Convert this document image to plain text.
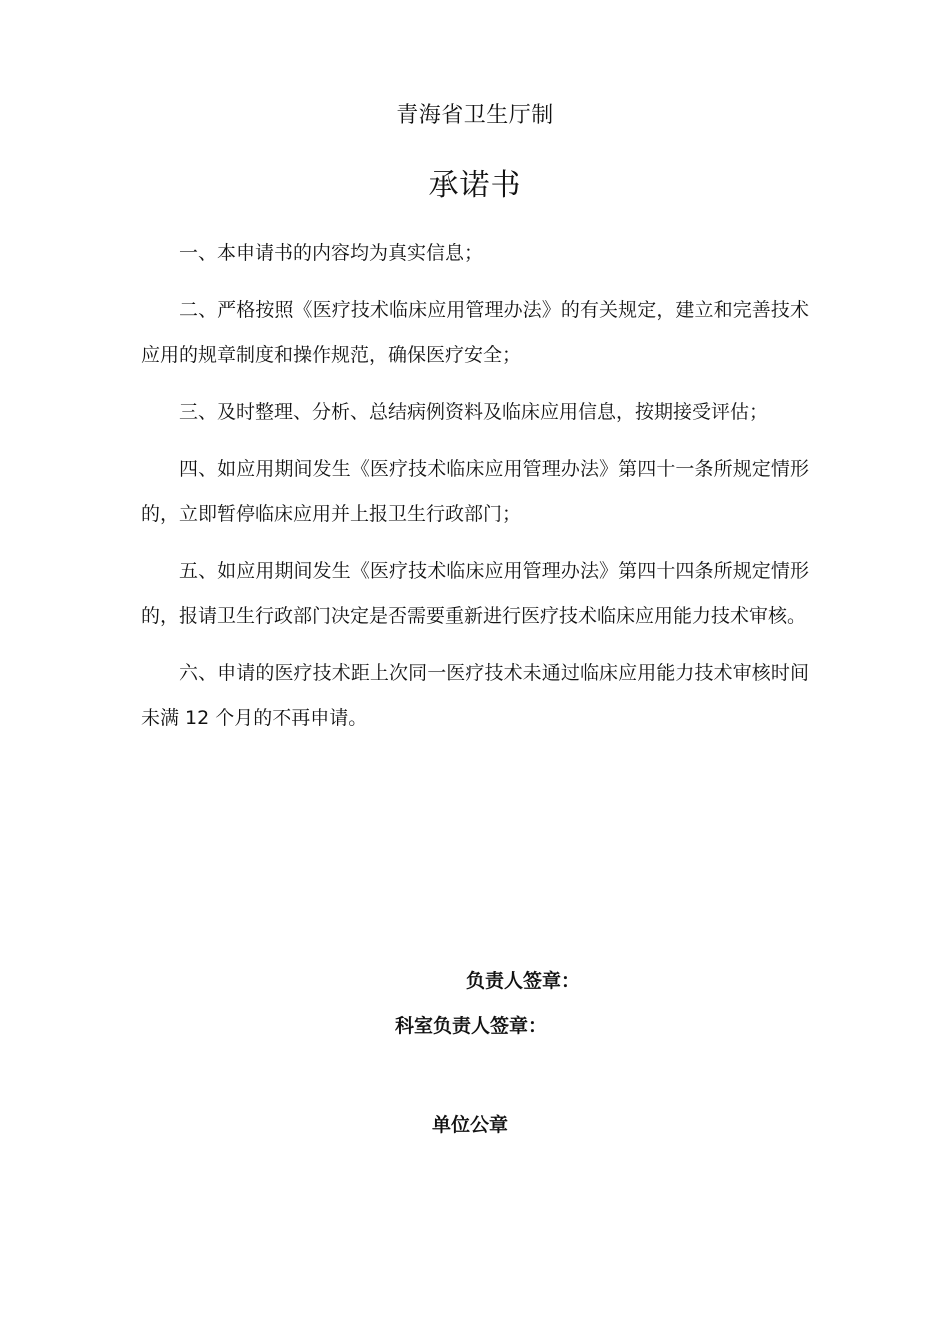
青海省卫生厅制
承诺书

一、本申请书的内容均为真实信息；

二、严格按照《医疗技术临床应用管理办法》的有关规定，建立和完善技术应用的规章制度和操作规范，确保医疗安全；

三、及时整理、分析、总结病例资料及临床应用信息，按期接受评估；

四、如应用期间发生《医疗技术临床应用管理办法》第四十一条所规定情形的，立即暂停临床应用并上报卫生行政部门；

五、如应用期间发生《医疗技术临床应用管理办法》第四十四条所规定情形的，报请卫生行政部门决定是否需要重新进行医疗技术临床应用能力技术审核。

六、申请的医疗技术距上次同一医疗技术未通过临床应用能力技术审核时间未满 12 个月的不再申请。

负责人签章：
科室负责人签章：
单位公章
